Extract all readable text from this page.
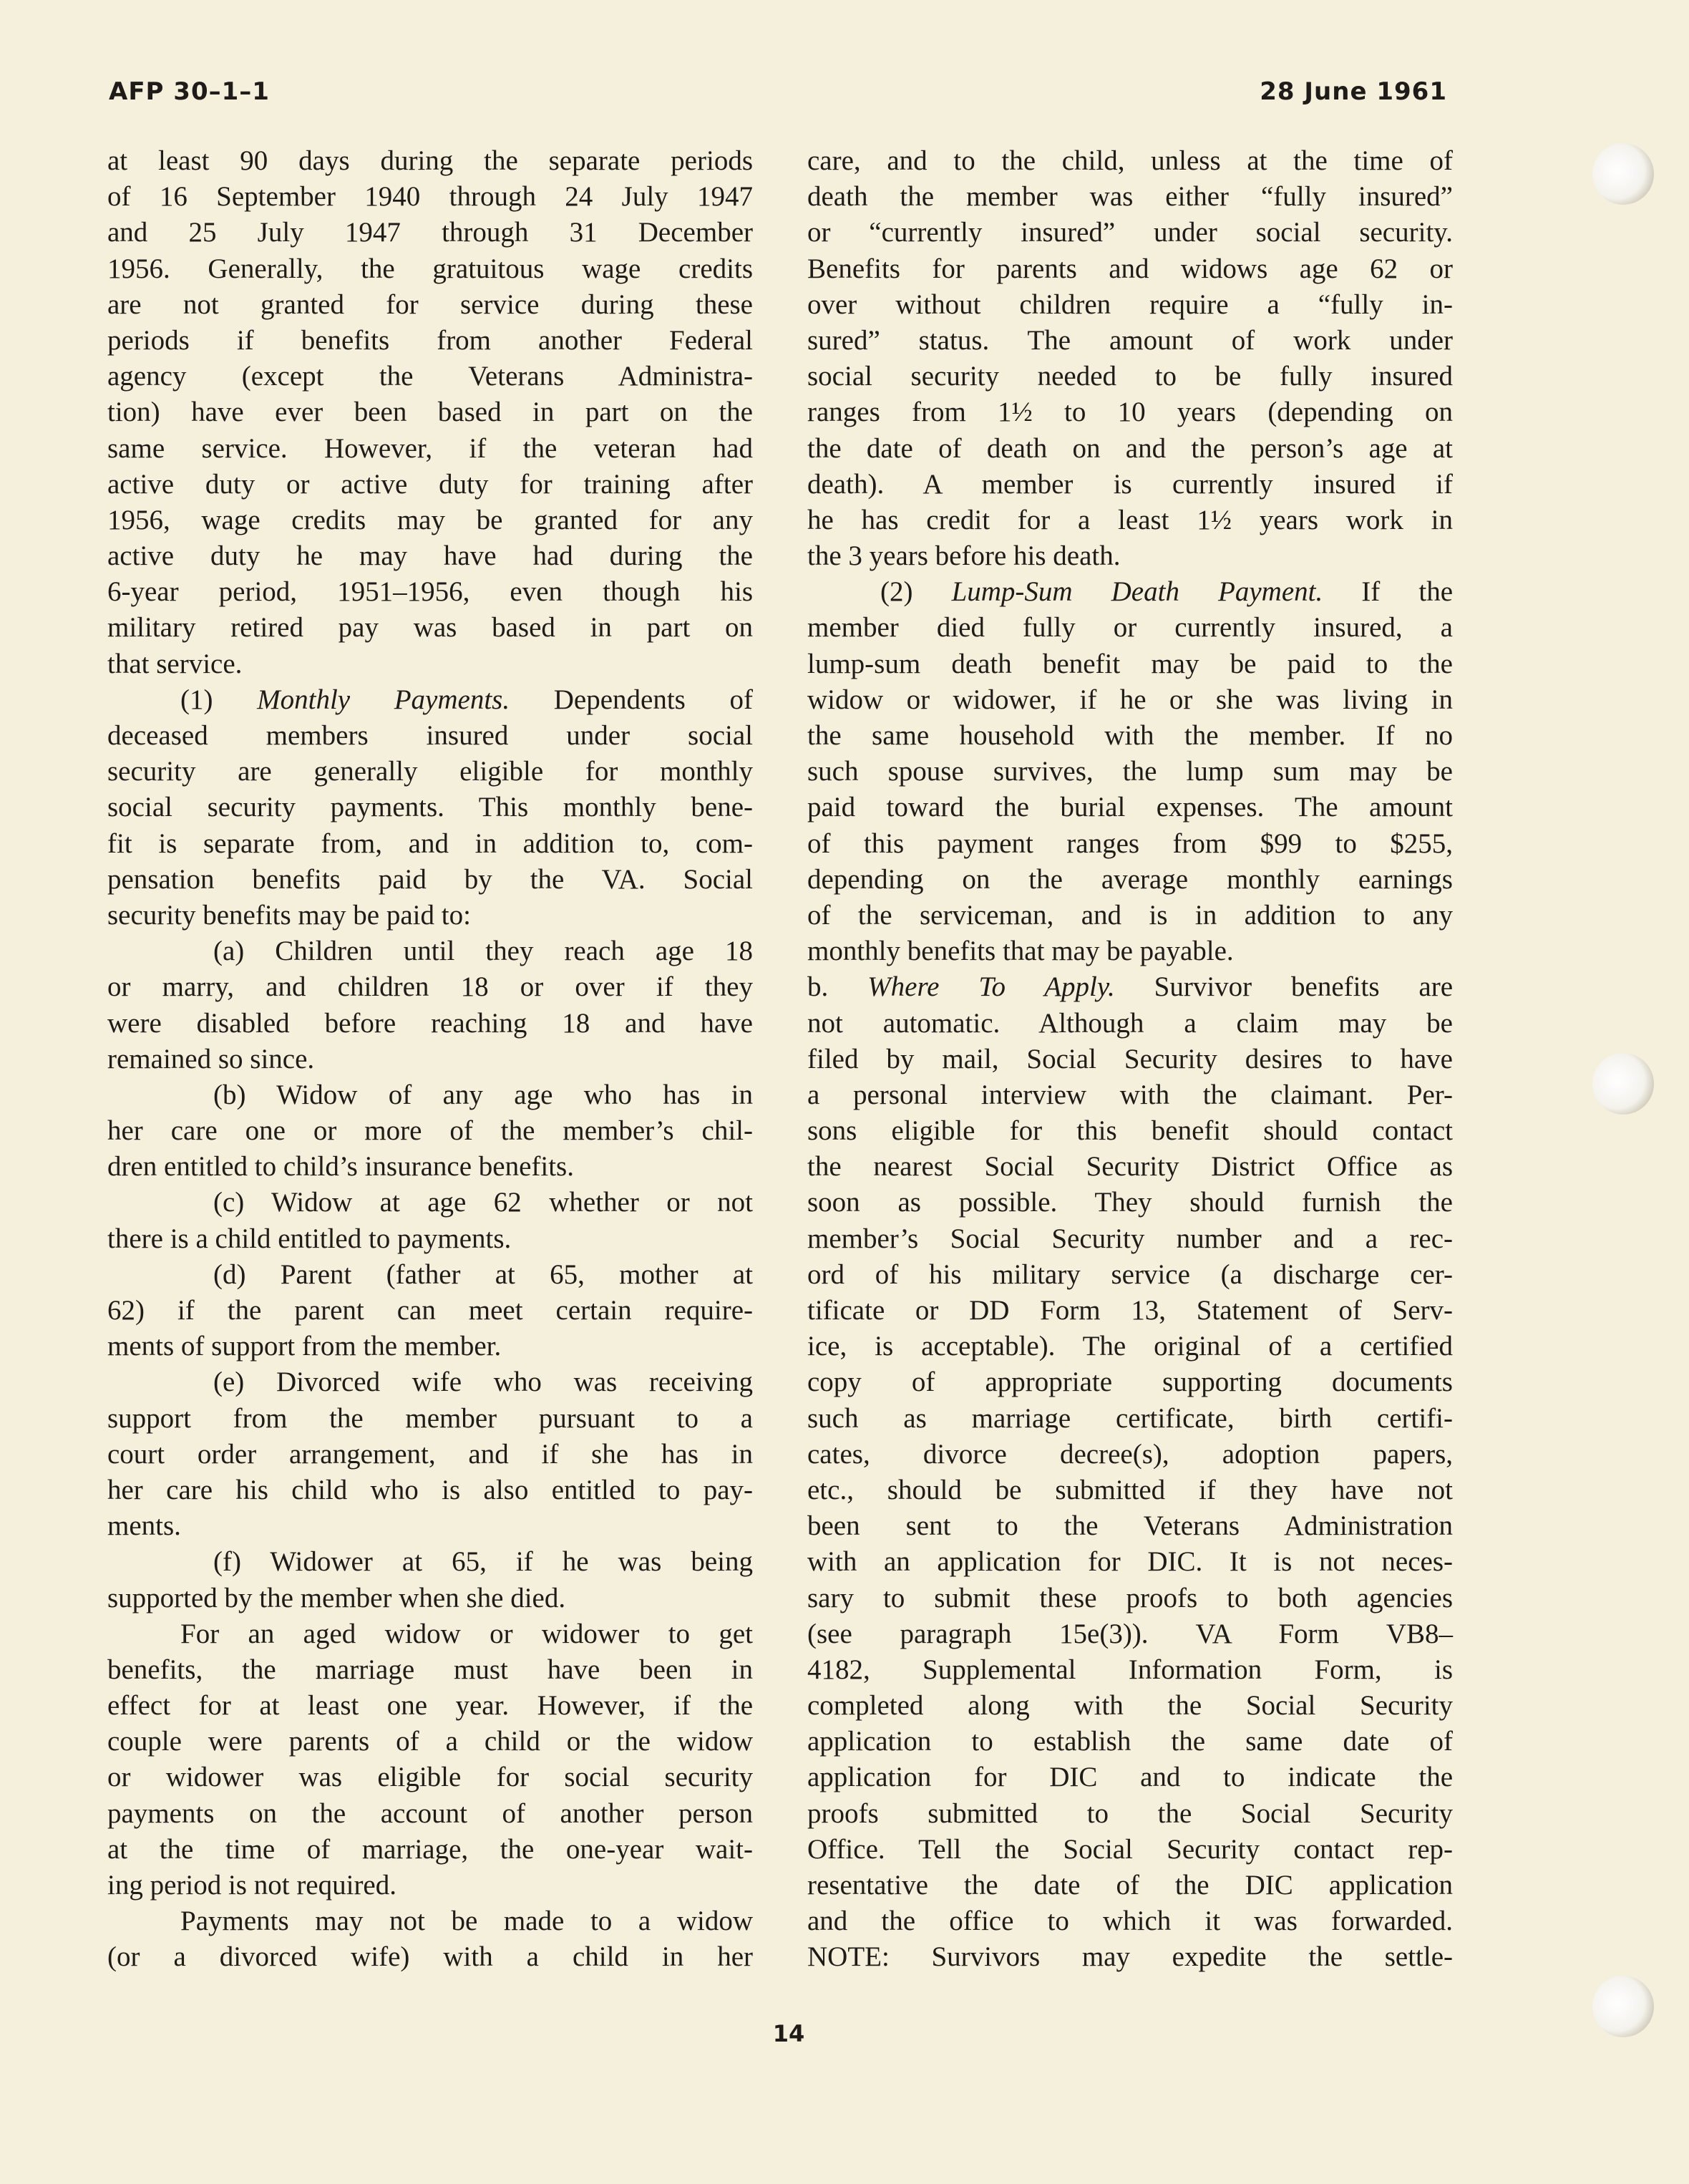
AFP 30–1–1	28 June 1961
at least 90 days during the separate periods
of 16 September 1940 through 24 July 1947
and 25 July 1947 through 31 December
1956. Generally, the gratuitous wage credits
are not granted for service during these
periods if benefits from another Federal
agency (except the Veterans Administra-
tion) have ever been based in part on the
same service. However, if the veteran had
active duty or active duty for training after
1956, wage credits may be granted for any
active duty he may have had during the
6-year period, 1951–1956, even though his
military retired pay was based in part on
that service.
(1) Monthly Payments. Dependents of
deceased members insured under social
security are generally eligible for monthly
social security payments. This monthly bene-
fit is separate from, and in addition to, com-
pensation benefits paid by the VA. Social
security benefits may be paid to:
(a) Children until they reach age 18
or marry, and children 18 or over if they
were disabled before reaching 18 and have
remained so since.
(b) Widow of any age who has in
her care one or more of the member’s chil-
dren entitled to child’s insurance benefits.
(c) Widow at age 62 whether or not
there is a child entitled to payments.
(d) Parent (father at 65, mother at
62) if the parent can meet certain require-
ments of support from the member.
(e) Divorced wife who was receiving
support from the member pursuant to a
court order arrangement, and if she has in
her care his child who is also entitled to pay-
ments.
(f) Widower at 65, if he was being
supported by the member when she died.
For an aged widow or widower to get
benefits, the marriage must have been in
effect for at least one year. However, if the
couple were parents of a child or the widow
or widower was eligible for social security
payments on the account of another person
at the time of marriage, the one-year wait-
ing period is not required.
Payments may not be made to a widow
(or a divorced wife) with a child in her
care, and to the child, unless at the time of
death the member was either “fully insured”
or “currently insured” under social security.
Benefits for parents and widows age 62 or
over without children require a “fully in-
sured” status. The amount of work under
social security needed to be fully insured
ranges from 1½ to 10 years (depending on
the date of death on and the person’s age at
death). A member is currently insured if
he has credit for a least 1½ years work in
the 3 years before his death.
(2) Lump-Sum Death Payment. If the
member died fully or currently insured, a
lump-sum death benefit may be paid to the
widow or widower, if he or she was living in
the same household with the member. If no
such spouse survives, the lump sum may be
paid toward the burial expenses. The amount
of this payment ranges from $99 to $255,
depending on the average monthly earnings
of the serviceman, and is in addition to any
monthly benefits that may be payable.
b. Where To Apply. Survivor benefits are
not automatic. Although a claim may be
filed by mail, Social Security desires to have
a personal interview with the claimant. Per-
sons eligible for this benefit should contact
the nearest Social Security District Office as
soon as possible. They should furnish the
member’s Social Security number and a rec-
ord of his military service (a discharge cer-
tificate or DD Form 13, Statement of Serv-
ice, is acceptable). The original of a certified
copy of appropriate supporting documents
such as marriage certificate, birth certifi-
cates, divorce decree(s), adoption papers,
etc., should be submitted if they have not
been sent to the Veterans Administration
with an application for DIC. It is not neces-
sary to submit these proofs to both agencies
(see paragraph 15e(3)). VA Form VB8–
4182, Supplemental Information Form, is
completed along with the Social Security
application to establish the same date of
application for DIC and to indicate the
proofs submitted to the Social Security
Office. Tell the Social Security contact rep-
resentative the date of the DIC application
and the office to which it was forwarded.
NOTE: Survivors may expedite the settle-
14
